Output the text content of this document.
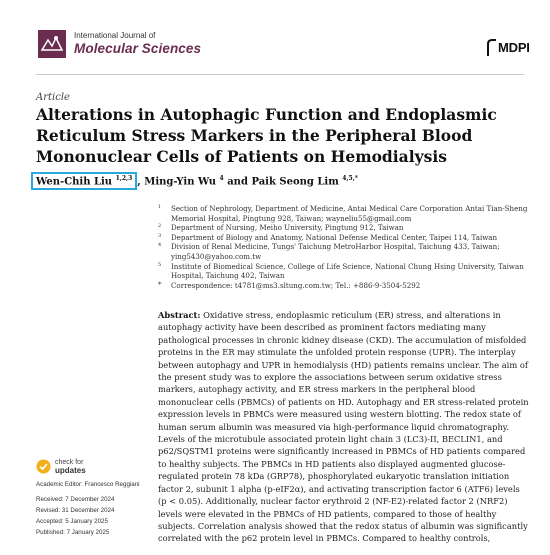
International Journal of
Molecular Sciences	MDPI
Article
Alterations in Autophagic Function and Endoplasmic Reticulum Stress Markers in the Peripheral Blood Mononuclear Cells of Patients on Hemodialysis
Wen-Chih Liu $^{1,2,3}$ , Ming-Yin Wu $^4$ and Paik Seong Lim $^{4,5,*}$
1 Section of Nephrology, Department of Medicine, Antai Medical Care Corporation Antai Tian-Sheng Memorial Hospital, Pingtung 928, Taiwan; wayneliu55@gmail.com
2 Department of Nursing, Meiho University, Pingtung 912, Taiwan
3 Department of Biology and Anatomy, National Defense Medical Center, Taipei 114, Taiwan
4 Division of Renal Medicine, Tungs' Taichung MetroHarbor Hospital, Taichung 433, Taiwan; ying5430@yahoo.com.tw
5 Institute of Biomedical Science, College of Life Science, National Chung Hsing University, Taiwan Hospital, Taichung 402, Taiwan
* Correspondence: t4781@ms3.sltung.com.tw; Tel.: +886-9-3504-5292
Abstract: Oxidative stress, endoplasmic reticulum (ER) stress, and alterations in autophagy activity have been described as prominent factors mediating many pathological processes in chronic kidney disease (CKD). The accumulation of misfolded proteins in the ER may stimulate the unfolded protein response (UPR). The interplay between autophagy and UPR in hemodialysis (HD) patients remains unclear. The aim of the present study was to explore the associations between serum oxidative stress markers, autophagy activity, and ER stress markers in the peripheral blood mononuclear cells (PBMCs) of patients on HD. Autophagy and ER stress-related protein expression levels in PBMCs were measured using western blotting. The redox state of human serum albumin was measured via high-performance liquid chromatography. Levels of the microtubule associated protein light chain 3 (LC3)-II, BECLIN1, and p62/SQSTM1 proteins were significantly increased in PBMCs of HD patients compared to healthy subjects. The PBMCs in HD patients also displayed augmented glucose-regulated protein 78 kDa (GRP78), phosphorylated eukaryotic translation initiation factor 2, subunit 1 alpha (p-eIF2α), and activating transcription factor 6 (ATF6) levels (p < 0.05). Additionally, nuclear factor erythroid 2 (NF-E2)-related factor 2 (NRF2) levels were elevated in the PBMCs of HD patients, compared to those of healthy subjects. Correlation analysis showed that the redox status of albumin was significantly correlated with the p62 protein level in PBMCs. Compared to healthy controls,
check for
updates
Academic Editor: Francesco Reggiani
Received: 7 December 2024
Revised: 31 December 2024
Accepted: 5 January 2025
Published: 7 January 2025
